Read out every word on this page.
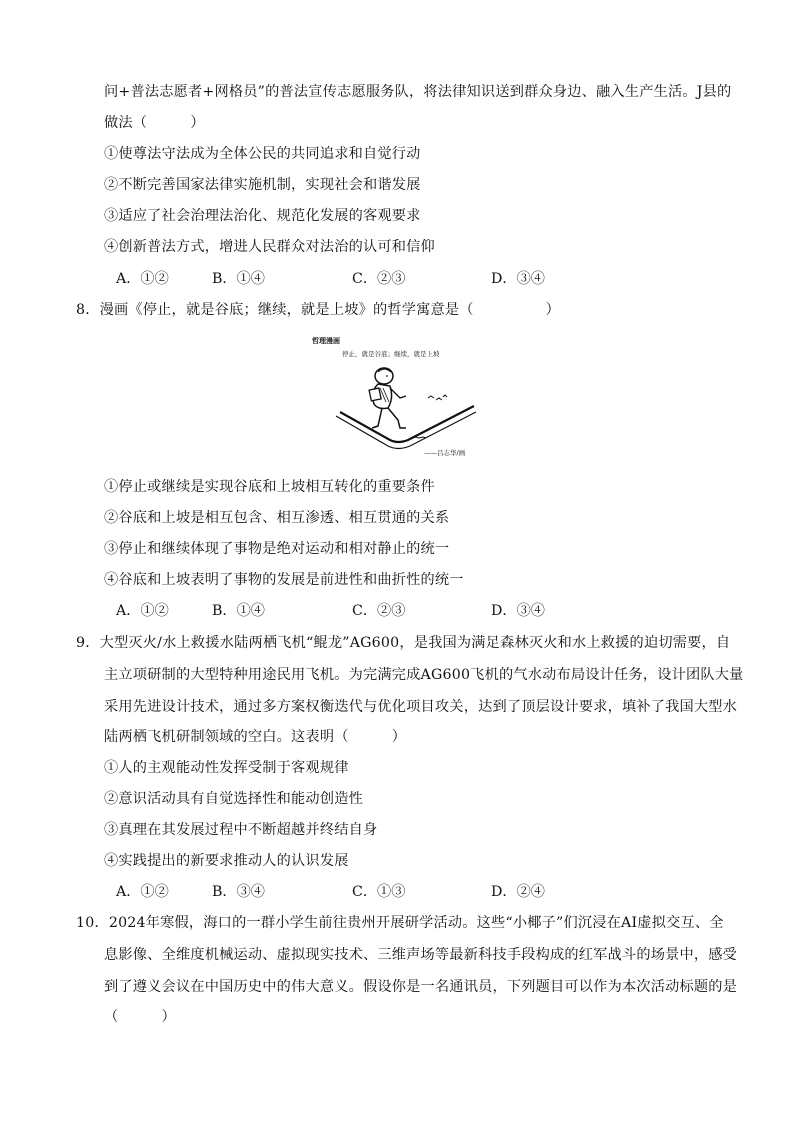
问+普法志愿者+网格员”的普法宣传志愿服务队，将法律知识送到群众身边、融入生产生活。J县的
做法（　　　）
①使尊法守法成为全体公民的共同追求和自觉行动
②不断完善国家法律实施机制，实现社会和谐发展
③适应了社会治理法治化、规范化发展的客观要求
④创新普法方式，增进人民群众对法治的认可和信仰
A．①②	B．①④	C．②③	D．③④
8．漫画《停止，就是谷底；继续，就是上坡》的哲学寓意是（　　　　　）
哲理漫画
停止，就是谷底；继续，就是上坡
——吕志华/画
①停止或继续是实现谷底和上坡相互转化的重要条件
②谷底和上坡是相互包含、相互渗透、相互贯通的关系
③停止和继续体现了事物是绝对运动和相对静止的统一
④谷底和上坡表明了事物的发展是前进性和曲折性的统一
A．①②	B．①④	C．②③	D．③④
9．大型灭火/水上救援水陆两栖飞机“鲲龙”AG600，是我国为满足森林灭火和水上救援的迫切需要，自
主立项研制的大型特种用途民用飞机。为完满完成AG600飞机的气水动布局设计任务，设计团队大量
采用先进设计技术，通过多方案权衡迭代与优化项目攻关，达到了顶层设计要求，填补了我国大型水
陆两栖飞机研制领域的空白。这表明（　　　）
①人的主观能动性发挥受制于客观规律
②意识活动具有自觉选择性和能动创造性
③真理在其发展过程中不断超越并终结自身
④实践提出的新要求推动人的认识发展
A．①②	B．③④	C．①③	D．②④
10．2024年寒假，海口的一群小学生前往贵州开展研学活动。这些“小椰子”们沉浸在AI虚拟交互、全
息影像、全维度机械运动、虚拟现实技术、三维声场等最新科技手段构成的红军战斗的场景中，感受
到了遵义会议在中国历史中的伟大意义。假设你是一名通讯员，下列题目可以作为本次活动标题的是
（　　　）
